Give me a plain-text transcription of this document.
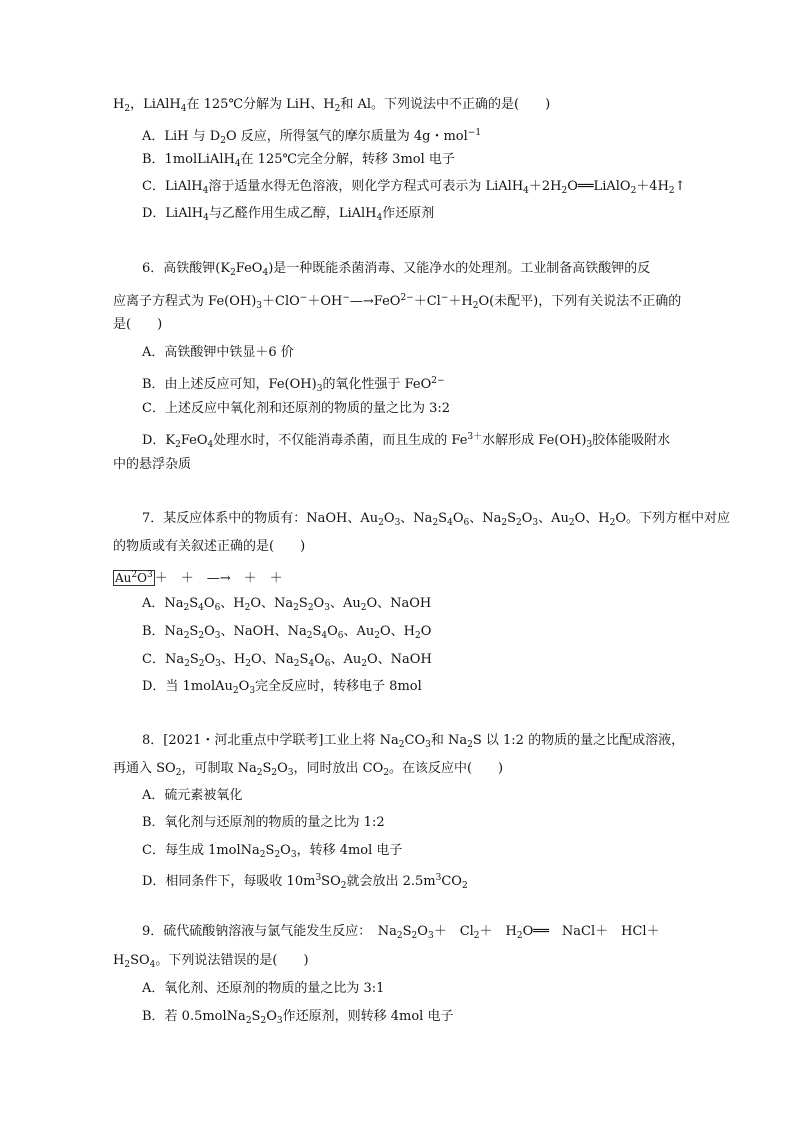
$H_2$，LiAlH$_4$在 125℃分解为 LiH、$H_2$和 Al。下列说法中不正确的是(　　)
A．LiH 与 $D_2O$ 反应，所得氢气的摩尔质量为 4g・mol$^{-1}$
B．1molLiAlH$_4$在 125℃完全分解，转移 3mol 电子
C．LiAlH$_4$溶于适量水得无色溶液，则化学方程式可表示为 $LiAlH_4+2H_2O══LiAlO_2+4H_2↑$
D．LiAlH$_4$与乙醛作用生成乙醇，LiAlH$_4$作还原剂
6．高铁酸钾$(K_2FeO_4)$是一种既能杀菌消毒、又能净水的处理剂。工业制备高铁酸钾的反
应离子方程式为 $Fe(OH)_3+ClO^-+OH^-—\to FeO^{2-}+Cl^-+H_2O$(未配平)，下列有关说法不正确的
是(　　)
A．高铁酸钾中铁显＋6 价
B．由上述反应可知，$Fe(OH)_3$的氧化性强于 FeO$^{2-}$
C．上述反应中氧化剂和还原剂的物质的量之比为 3:2
D．$K_2FeO_4$处理水时，不仅能消毒杀菌，而且生成的 $Fe^{3+}$水解形成 $Fe(OH)_3$胶体能吸附水
中的悬浮杂质
7．某反应体系中的物质有：NaOH、$Au_2O_3$、$Na_2S_4O_6$、$Na_2S_2O_3$、$Au_2O$、$H_2O$。下列方框中对应
的物质或有关叙述正确的是(　　)
$Au^2O^3$ ＋　＋　—→　＋　＋
A．$Na_2S_4O_6$、$H_2O$、$Na_2S_2O_3$、$Au_2O$、NaOH
B．$Na_2S_2O_3$、NaOH、$Na_2S_4O_6$、$Au_2O$、$H_2O$
C．$Na_2S_2O_3$、$H_2O$、$Na_2S_4O_6$、$Au_2O$、NaOH
D．当 $1molAu_2O_3$完全反应时，转移电子 8mol
8．[2021・河北重点中学联考]工业上将 $Na_2CO_3$和 $Na_2S$ 以 1:2 的物质的量之比配成溶液，
再通入 $SO_2$，可制取 $Na_2S_2O_3$，同时放出 $CO_2$。在该反应中(　　)
A．硫元素被氧化
B．氧化剂与还原剂的物质的量之比为 1:2
C．每生成 $1molNa_2S_2O_3$，转移 4mol 电子
D．相同条件下，每吸收 $10m^3SO_2$就会放出 $2.5m^3CO_2$
9．硫代硫酸钠溶液与氯气能发生反应：　$Na_2S_2O_3+$　$Cl_2+$　$H_2O══$　NaCl＋　HCl＋
$H_2SO_4$。下列说法错误的是(　　)
A．氧化剂、还原剂的物质的量之比为 3:1
B．若 $0.5molNa_2S_2O_3$作还原剂，则转移 4mol 电子
